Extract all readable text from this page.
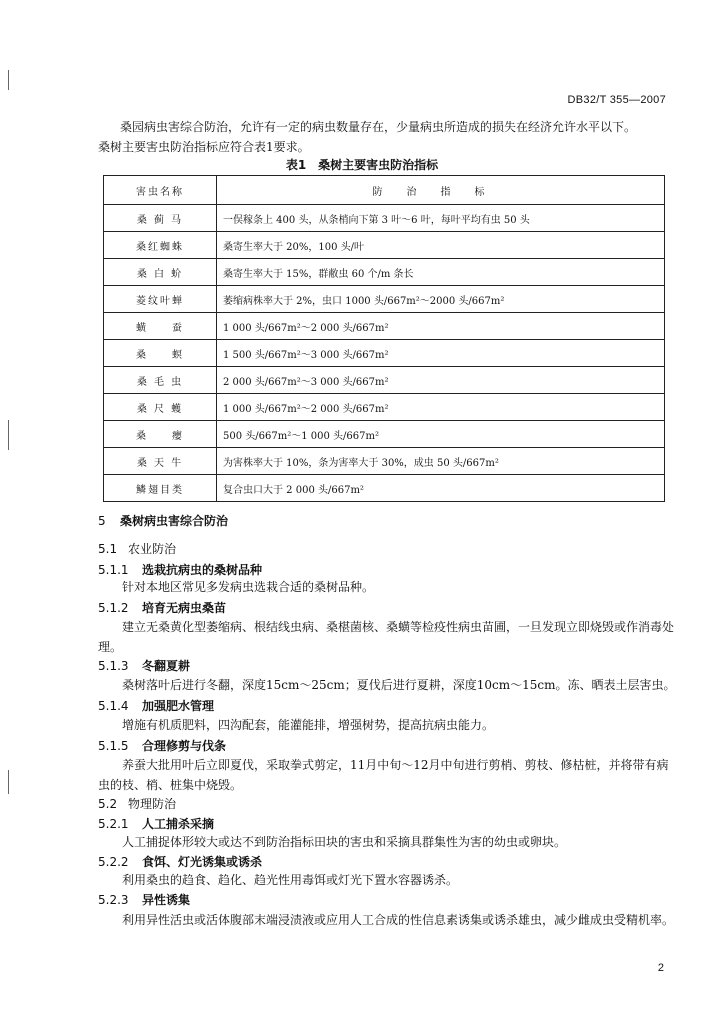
DB32/T 355—2007
桑园病虫害综合防治，允许有一定的病虫数量存在，少量病虫所造成的损失在经济允许水平以下。
桑树主要害虫防治指标应符合表1要求。
表1　桑树主要害虫防治指标
害虫名称	防治指标
桑 蓟 马	一俣稼条上 400 头，从条梢向下第 3 叶～6 叶，每叶平均有虫 50 头
桑红蜘蛛	桑寄生率大于 20%，100 头/叶
桑 白 蚧	桑寄生率大于 15%，群敝虫 60 个/m 条长
菱纹叶蝉	萎缩病株率大于 2%，虫口 1000 头/667m²～2000 头/667m²
蟥　　蚕	1 000 头/667m²～2 000 头/667m²
桑　　螟	1 500 头/667m²～3 000 头/667m²
桑 毛 虫	2 000 头/667m²～3 000 头/667m²
桑 尺 蠖	1 000 头/667m²～2 000 头/667m²
桑　　瘿	500 头/667m²～1 000 头/667m²
桑 天 牛	为害株率大于 10%，条为害率大于 30%，成虫 50 头/667m²
鳞翅目类	复合虫口大于 2 000 头/667m²
5 桑树病虫害综合防治
5.1 农业防治
5.1.1 选栽抗病虫的桑树品种
针对本地区常见多发病虫选栽合适的桑树品种。
5.1.2 培育无病虫桑苗
建立无桑黄化型萎缩病、根结线虫病、桑椹菌核、桑蟥等检疫性病虫苗圃，一旦发现立即烧毁或作消毒处理。
5.1.3 冬翻夏耕
桑树落叶后进行冬翻，深度15cm～25cm；夏伐后进行夏耕，深度10cm～15cm。冻、晒表土层害虫。
5.1.4 加强肥水管理
增施有机质肥料，四沟配套，能灌能排，增强树势，提高抗病虫能力。
5.1.5 合理修剪与伐条
养蚕大批用叶后立即夏伐，采取拳式剪定，11月中旬～12月中旬进行剪梢、剪枝、修枯桩，并将带有病虫的枝、梢、桩集中烧毁。
5.2 物理防治
5.2.1 人工捕杀采摘
人工捕捉体形较大或达不到防治指标田块的害虫和采摘具群集性为害的幼虫或卵块。
5.2.2 食饵、灯光诱集或诱杀
利用桑虫的趋食、趋化、趋光性用毒饵或灯光下置水容器诱杀。
5.2.3 异性诱集
利用异性活虫或活体腹部末端浸渍液或应用人工合成的性信息素诱集或诱杀雄虫，减少雌成虫受精机率。
2
